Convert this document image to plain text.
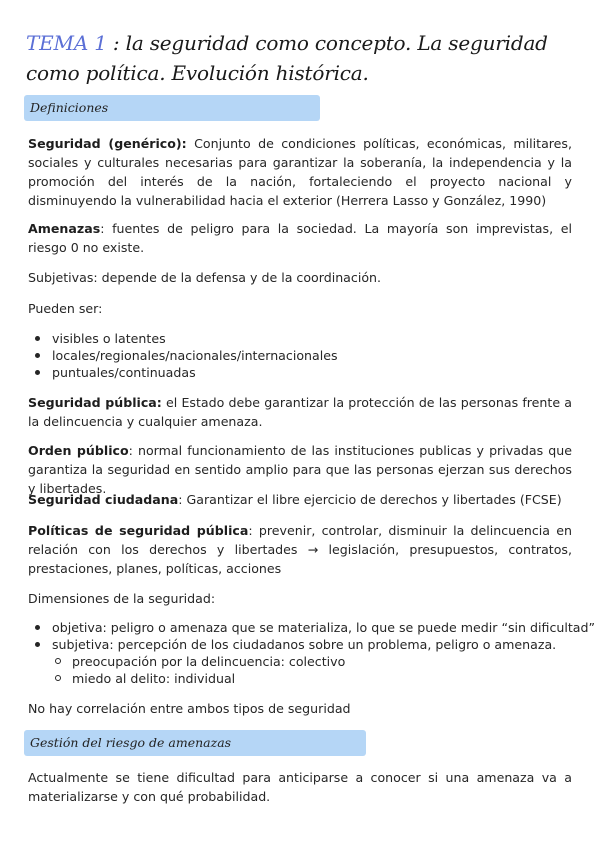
TEMA 1 : la seguridad como concepto. La seguridad como política. Evolución histórica.
Definiciones

Seguridad (genérico): Conjunto de condiciones políticas, económicas, militares, sociales y culturales necesarias para garantizar la soberanía, la independencia y la promoción del interés de la nación, fortaleciendo el proyecto nacional y disminuyendo la vulnerabilidad hacia el exterior (Herrera Lasso y González, 1990)

Amenazas: fuentes de peligro para la sociedad. La mayoría son imprevistas, el riesgo 0 no existe.

Subjetivas: depende de la defensa y de la coordinación.

Pueden ser:

visibles o latentes
locales/regionales/nacionales/internacionales
puntuales/continuadas

Seguridad pública: el Estado debe garantizar la protección de las personas frente a la delincuencia y cualquier amenaza.

Orden público: normal funcionamiento de las instituciones publicas y privadas que garantiza la seguridad en sentido amplio para que las personas ejerzan sus derechos y libertades.

Seguridad ciudadana: Garantizar el libre ejercicio de derechos y libertades (FCSE)

Políticas de seguridad pública: prevenir, controlar, disminuir la delincuencia en relación con los derechos y libertades → legislación, presupuestos, contratos, prestaciones, planes, políticas, acciones

Dimensiones de la seguridad:

objetiva: peligro o amenaza que se materializa, lo que se puede medir “sin dificultad”
subjetiva: percepción de los ciudadanos sobre un problema, peligro o amenaza.
preocupación por la delincuencia: colectivo
miedo al delito: individual

No hay correlación entre ambos tipos de seguridad

Gestión del riesgo de amenazas

Actualmente se tiene dificultad para anticiparse a conocer si una amenaza va a materializarse y con qué probabilidad.
